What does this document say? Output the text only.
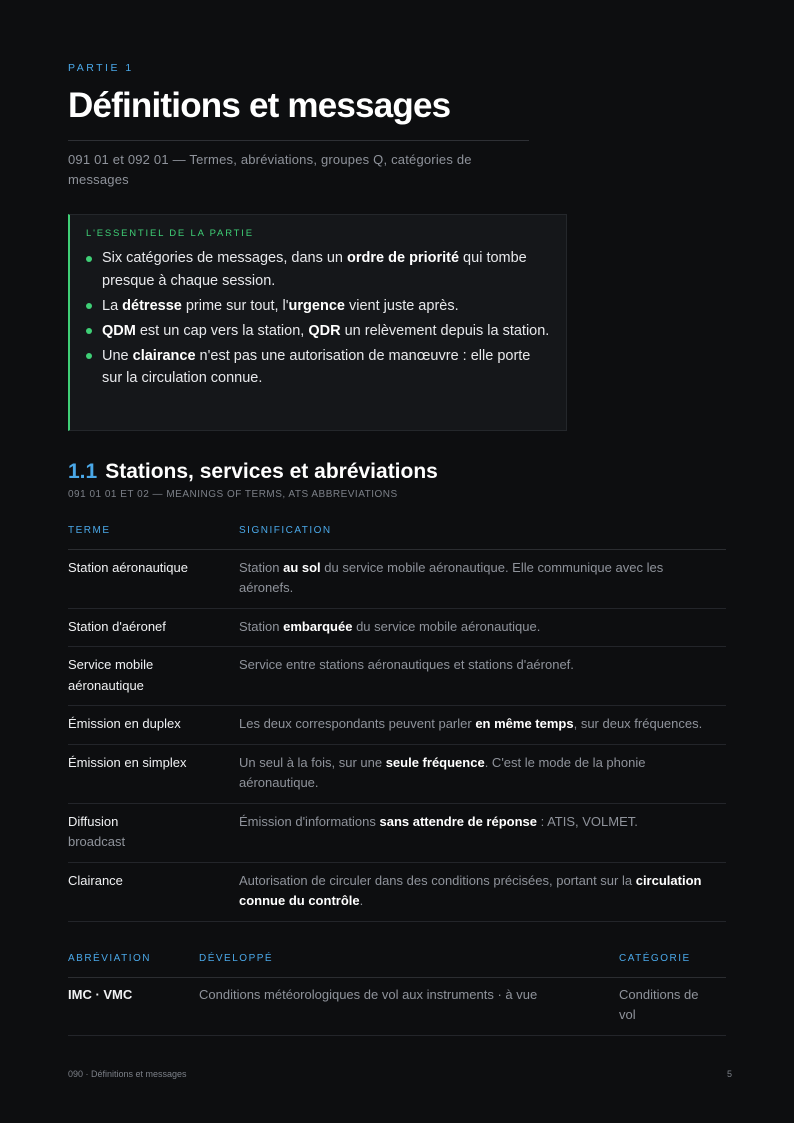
PARTIE 1
Définitions et messages
091 01 et 092 01 — Termes, abréviations, groupes Q, catégories de messages
L'ESSENTIEL DE LA PARTIE
Six catégories de messages, dans un ordre de priorité qui tombe presque à chaque session.
La détresse prime sur tout, l'urgence vient juste après.
QDM est un cap vers la station, QDR un relèvement depuis la station.
Une clairance n'est pas une autorisation de manœuvre : elle porte sur la circulation connue.
1.1 Stations, services et abréviations
091 01 01 ET 02 — MEANINGS OF TERMS, ATS ABBREVIATIONS
TERME	SIGNIFICATION
Station aéronautique	Station au sol du service mobile aéronautique. Elle communique avec les aéronefs.
Station d'aéronef	Station embarquée du service mobile aéronautique.
Service mobile aéronautique	Service entre stations aéronautiques et stations d'aéronef.
Émission en duplex	Les deux correspondants peuvent parler en même temps, sur deux fréquences.
Émission en simplex	Un seul à la fois, sur une seule fréquence. C'est le mode de la phonie aéronautique.
Diffusion
broadcast	Émission d'informations sans attendre de réponse : ATIS, VOLMET.
Clairance	Autorisation de circuler dans des conditions précisées, portant sur la circulation connue du contrôle.
ABRÉVIATION	DÉVELOPPÉ	CATÉGORIE
IMC · VMC	Conditions météorologiques de vol aux instruments · à vue	Conditions de vol
090 · Définitions et messages	5
